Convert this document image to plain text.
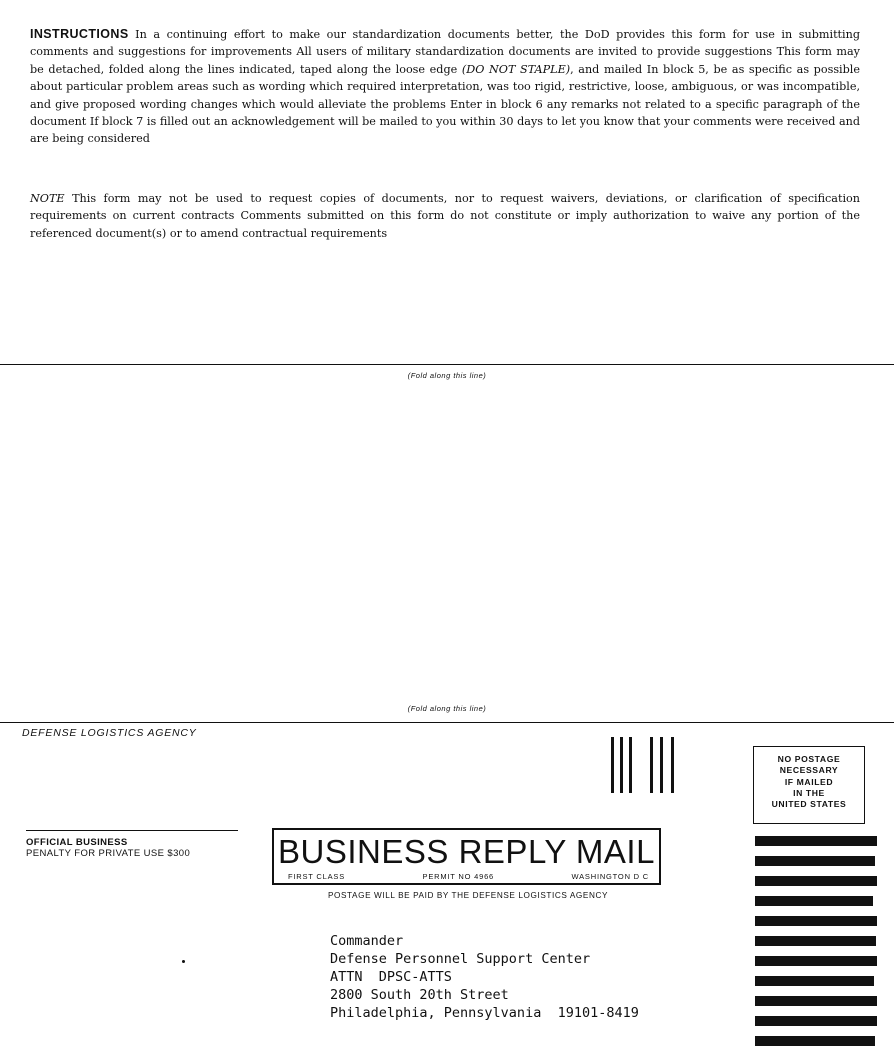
INSTRUCTIONS In a continuing effort to make our standardization documents better, the DoD provides this form for use in submitting comments and suggestions for improvements All users of military standardization documents are invited to provide suggestions This form may be detached, folded along the lines indicated, taped along the loose edge (DO NOT STAPLE), and mailed In block 5, be as specific as possible about particular problem areas such as wording which required interpretation, was too rigid, restrictive, loose, ambiguous, or was incompatible, and give proposed wording changes which would alleviate the problems Enter in block 6 any remarks not related to a specific paragraph of the document If block 7 is filled out an acknowledgement will be mailed to you within 30 days to let you know that your comments were received and are being considered
NOTE This form may not be used to request copies of documents, nor to request waivers, deviations, or clarification of specification requirements on current contracts Comments submitted on this form do not constitute or imply authorization to waive any portion of the referenced document(s) or to amend contractual requirements
(Fold along this line)
(Fold along this line)
DEFENSE LOGISTICS AGENCY
NO POSTAGE
NECESSARY
IF MAILED
IN THE
UNITED STATES
OFFICIAL BUSINESS
PENALTY FOR PRIVATE USE $300	BUSINESS REPLY MAIL
FIRST CLASS	PERMIT NO 4966	WASHINGTON D C
POSTAGE WILL BE PAID BY THE DEFENSE LOGISTICS AGENCY
Commander
Defense Personnel Support Center
ATTN  DPSC-ATTS
2800 South 20th Street
Philadelphia, Pennsylvania  19101-8419
